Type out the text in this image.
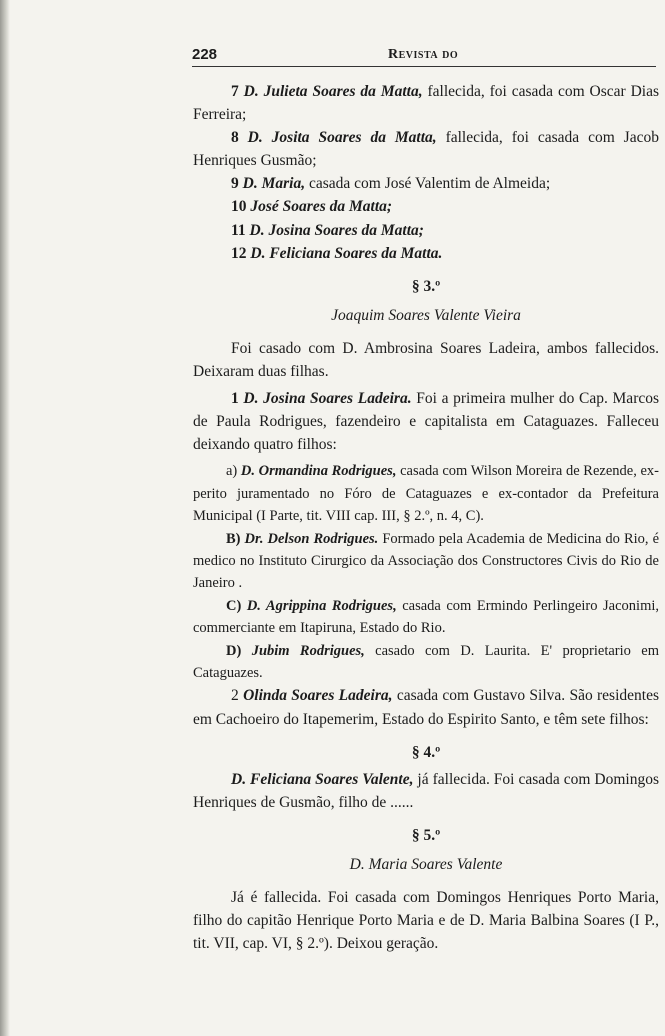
228	Revista do

7 D. Julieta Soares da Matta, fallecida, foi casada com Oscar Dias Ferreira;

8 D. Josita Soares da Matta, fallecida, foi casada com Jacob Henriques Gusmão;

9 D. Maria, casada com José Valentim de Almeida;

10 José Soares da Matta;

11 D. Josina Soares da Matta;

12 D. Feliciana Soares da Matta.

§ 3.º

Joaquim Soares Valente Vieira

Foi casado com D. Ambrosina Soares Ladeira, ambos fallecidos. Deixaram duas filhas.

1 D. Josina Soares Ladeira. Foi a primeira mulher do Cap. Marcos de Paula Rodrigues, fazendeiro e capitalista em Cataguazes. Falleceu deixando quatro filhos:

a) D. Ormandina Rodrigues, casada com Wilson Moreira de Rezende, ex-perito juramentado no Fóro de Cataguazes e ex-contador da Prefeitura Municipal (I Parte, tit. VIII cap. III, § 2.º, n. 4, C).

B) Dr. Delson Rodrigues. Formado pela Academia de Medicina do Rio, é medico no Instituto Cirurgico da Associação dos Constructores Civis do Rio de Janeiro .

C) D. Agrippina Rodrigues, casada com Ermindo Perlingeiro Jaconimi, commerciante em Itapiruna, Estado do Rio.

D) Jubim Rodrigues, casado com D. Laurita. E' proprietario em Cataguazes.

2 Olinda Soares Ladeira, casada com Gustavo Silva. São residentes em Cachoeiro do Itapemerim, Estado do Espirito Santo, e têm sete filhos:

§ 4.º

D. Feliciana Soares Valente, já fallecida. Foi casada com Domingos Henriques de Gusmão, filho de ......

§ 5.º

D. Maria Soares Valente

Já é fallecida. Foi casada com Domingos Henriques Porto Maria, filho do capitão Henrique Porto Maria e de D. Maria Balbina Soares (I P., tit. VII, cap. VI, § 2.º). Deixou geração.
